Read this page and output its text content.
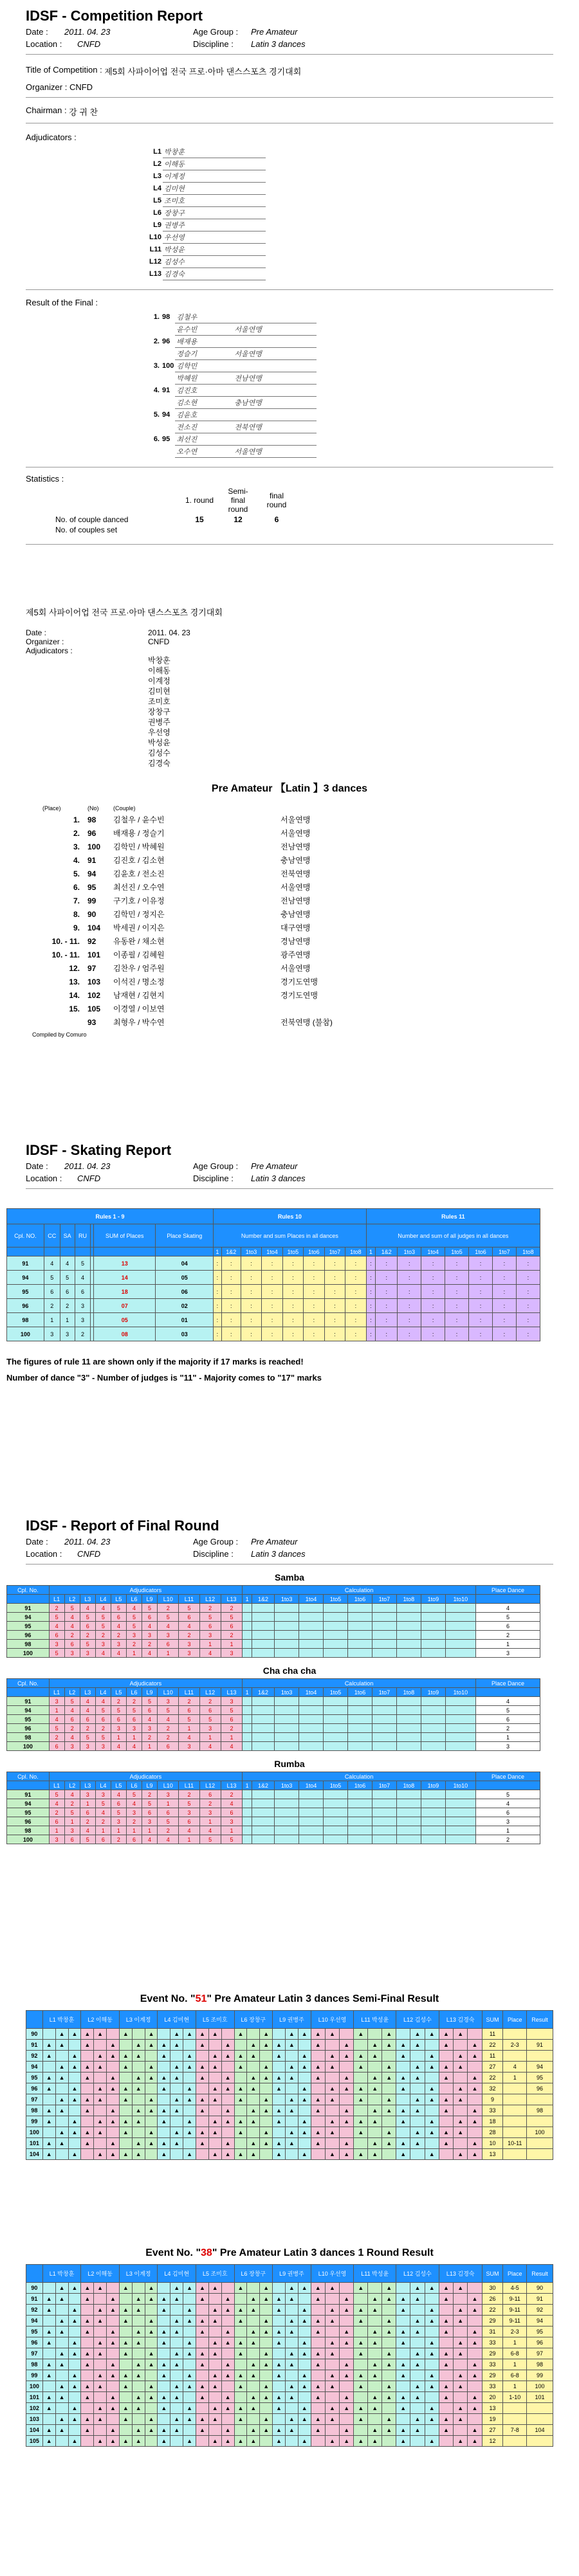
IDSF - Competition Report
Date :	2011. 04. 23	Age Group :	Pre Amateur
Location :	CNFD	Discipline :	Latin 3 dances
Title of Competition :
제5회 사파이어업 전국 프로·아마 댄스스포츠 경기대회
Organizer :
CNFD
Chairman :
강 귀 찬
Adjudicators :
L1	박창훈
L2	이해동
L3	이계정
L4	김미현
L5	조미호
L6	장창구
L9	권병주
L10	우선영
L11	박성윤
L12	김성수
L13	김경숙
Result of the Final :
1.	98	김철우	
		윤수빈	서울연맹
2.	96	배재용	
		정슬기	서울연맹
3.	100	김학민	
		박혜원	전남연맹
4.	91	김진호	
		김소현	충남연맹
5.	94	김윤호	
		전소진	전북연맹
6.	95	최선진	
		오수연	서울연맹
Statistics :
	1. round	Semi-final round	final round
No. of couple danced	15	12	6
No. of couples set			
제5회 사파이어업 전국 프로·아마 댄스스포츠 경기대회
Date :	2011. 04. 23
Organizer :	CNFD
Adjudicators :
박창훈
이해동
이계정
김미현
조미호
장창구
권병주
우선영
박성윤
김성수
김경숙
Pre Amateur 【Latin 】3 dances
(Place)	(No)	(Couple)	
1.	98	김철우 / 윤수빈	서울연맹
2.	96	배재용 / 정슬기	서울연맹
3.	100	김학민 / 박혜원	전남연맹
4.	91	김진호 / 김소현	충남연맹
5.	94	김윤호 / 전소진	전북연맹
6.	95	최선진 / 오수연	서울연맹
7.	99	구기호 / 이유정	전남연맹
8.	90	김학민 / 정지은	충남연맹
9.	104	박세권 / 이지은	대구연맹
10. - 11.	92	유동완 / 채소현	경남연맹
10. - 11.	101	이종필 / 김혜원	광주연맹
12.	97	김찬우 / 엄주원	서울연맹
13.	103	이석진 / 명소정	경기도연맹
14.	102	남재현 / 김현지	경기도연맹
15.	105	이경열 / 이보연	
	93	최형우 / 박수연	전북연맹 (불참)
Compiled by Comuro
IDSF - Skating Report
Date :	2011. 04. 23	Age Group :	Pre Amateur
Location :	CNFD	Discipline :	Latin 3 dances
Rules 1 - 9							Rules 10								Rules 11							
Cpl. NO.	CC	SA	RU		SUM of Places	Place Skating	Number and sum Places in all dances								Number and sum of all judges in all dances							
							1	1&2	1to3	1to4	1to5	1to6	1to7	1to8	1	1&2	1to3	1to4	1to5	1to6	1to7	1to8
91	4	4	5		13	04	:	:	:	:	:	:	:	:	:	:	:	:	:	:	:	:
94	5	5	4		14	05	:	:	:	:	:	:	:	:	:	:	:	:	:	:	:	:
95	6	6	6		18	06	:	:	:	:	:	:	:	:	:	:	:	:	:	:	:	:
96	2	2	3		07	02	:	:	:	:	:	:	:	:	:	:	:	:	:	:	:	:
98	1	1	3		05	01	:	:	:	:	:	:	:	:	:	:	:	:	:	:	:	:
100	3	3	2		08	03	:	:	:	:	:	:	:	:	:	:	:	:	:	:	:	:
The figures of rule 11 are shown only if the majority if 17 marks is reached!
Number of dance "3" - Number of judges is "11" - Majority comes to "17" marks
IDSF - Report of Final Round
Date :	2011. 04. 23	Age Group :	Pre Amateur
Location :	CNFD	Discipline :	Latin 3 dances
Samba
Cpl. No.	Adjudicators											Calculation										Place Dance
	L1	L2	L3	L4	L5	L6	L9	L10	L11	L12	L13	1	1&2	1to3	1to4	1to5	1to6	1to7	1to8	1to9	1to10	
91	2	5	4	4	5	4	5	2	5	2	2											4
94	5	4	5	5	6	5	6	5	6	5	5											5
95	4	4	6	5	4	5	4	4	4	6	6											6
96	6	2	2	2	2	3	3	3	2	3	2											2
98	3	6	5	3	3	2	2	6	3	1	1											1
100	5	3	3	4	4	1	4	1	3	4	3											3
Cha cha cha
Cpl. No.	Adjudicators											Calculation										Place Dance
	L1	L2	L3	L4	L5	L6	L9	L10	L11	L12	L13	1	1&2	1to3	1to4	1to5	1to6	1to7	1to8	1to9	1to10	
91	3	5	4	4	2	2	5	3	2	2	3											4
94	1	4	4	5	5	5	6	5	6	6	5											5
95	4	6	6	6	6	6	4	4	5	5	6											6
96	5	2	2	2	3	3	3	2	1	3	2											2
98	2	4	5	5	1	1	2	2	4	1	1											1
100	6	3	3	3	4	4	1	6	3	4	4											3
Rumba
Cpl. No.	Adjudicators											Calculation										Place Dance
	L1	L2	L3	L4	L5	L6	L9	L10	L11	L12	L13	1	1&2	1to3	1to4	1to5	1to6	1to7	1to8	1to9	1to10	
91	5	4	3	3	4	5	2	3	2	6	2											5
94	4	2	1	5	6	4	5	1	5	2	4											4
95	2	5	6	4	5	3	6	6	3	3	6											6
96	6	1	2	2	3	2	3	5	6	1	3											3
98	1	3	4	1	1	1	1	2	4	4	1											1
100	3	6	5	6	2	6	4	4	1	5	5											2
Event No. "51" Pre Amateur Latin 3 dances Semi-Final Result
	L1 박창훈			L2 이해동			L3 이계정			L4 김미현			L5 조미호			L6 장창구			L9 권병주			L10 우선영			L11 박성윤			L12 김성수			L13 김경숙			SUM	Place	Result
90		▲	▲	▲	▲		▲		▲		▲	▲	▲	▲		▲		▲		▲	▲	▲	▲		▲		▲		▲	▲	▲	▲		11		
91	▲	▲		▲		▲		▲	▲	▲	▲		▲		▲		▲	▲	▲	▲		▲		▲		▲	▲	▲	▲		▲		▲	22	2-3	91
92	▲		▲		▲	▲	▲	▲		▲		▲		▲	▲	▲	▲		▲		▲		▲	▲	▲	▲		▲		▲		▲	▲	11		
94		▲	▲	▲	▲		▲		▲		▲	▲	▲	▲		▲		▲		▲	▲	▲	▲		▲		▲		▲	▲	▲	▲		27	4	94
95	▲	▲		▲		▲		▲	▲	▲	▲		▲		▲		▲	▲	▲	▲		▲		▲		▲	▲	▲	▲		▲		▲	22	1	95
96	▲		▲		▲	▲	▲	▲		▲		▲		▲	▲	▲	▲		▲		▲		▲	▲	▲	▲		▲		▲		▲	▲	32		96
97		▲	▲	▲	▲		▲		▲		▲	▲	▲	▲		▲		▲		▲	▲	▲	▲		▲		▲		▲	▲	▲	▲		9		
98	▲	▲		▲		▲		▲	▲	▲	▲		▲		▲		▲	▲	▲	▲		▲		▲		▲	▲	▲	▲		▲		▲	33		98
99	▲		▲		▲	▲	▲	▲		▲		▲		▲	▲	▲	▲		▲		▲		▲	▲	▲	▲		▲		▲		▲	▲	18		
100		▲	▲	▲	▲		▲		▲		▲	▲	▲	▲		▲		▲		▲	▲	▲	▲		▲		▲		▲	▲	▲	▲		28		100
101	▲	▲		▲		▲		▲	▲	▲	▲		▲		▲		▲	▲	▲	▲		▲		▲		▲	▲	▲	▲		▲		▲	10	10-11	
104	▲		▲		▲	▲	▲	▲		▲		▲		▲	▲	▲	▲		▲		▲		▲	▲	▲	▲		▲		▲		▲	▲	13		
Event No. "38" Pre Amateur Latin 3 dances 1 Round Result
	L1 박창훈			L2 이해동			L3 이계정			L4 김미현			L5 조미호			L6 장창구			L9 권병주			L10 우선영			L11 박성윤			L12 김성수			L13 김경숙			SUM	Place	Result
90		▲	▲	▲	▲		▲		▲		▲	▲	▲	▲		▲		▲		▲	▲	▲	▲		▲		▲		▲	▲	▲	▲		30	4-5	90
91	▲	▲		▲		▲		▲	▲	▲	▲		▲		▲		▲	▲	▲	▲		▲		▲		▲	▲	▲	▲		▲		▲	26	9-11	91
92	▲		▲		▲	▲	▲	▲		▲		▲		▲	▲	▲	▲		▲		▲		▲	▲	▲	▲		▲		▲		▲	▲	22	9-11	92
94		▲	▲	▲	▲		▲		▲		▲	▲	▲	▲		▲		▲		▲	▲	▲	▲		▲		▲		▲	▲	▲	▲		29	9-11	94
95	▲	▲		▲		▲		▲	▲	▲	▲		▲		▲		▲	▲	▲	▲		▲		▲		▲	▲	▲	▲		▲		▲	31	2-3	95
96	▲		▲		▲	▲	▲	▲		▲		▲		▲	▲	▲	▲		▲		▲		▲	▲	▲	▲		▲		▲		▲	▲	33	1	96
97		▲	▲	▲	▲		▲		▲		▲	▲	▲	▲		▲		▲		▲	▲	▲	▲		▲		▲		▲	▲	▲	▲		29	6-8	97
98	▲	▲		▲		▲		▲	▲	▲	▲		▲		▲		▲	▲	▲	▲		▲		▲		▲	▲	▲	▲		▲		▲	33	1	98
99	▲		▲		▲	▲	▲	▲		▲		▲		▲	▲	▲	▲		▲		▲		▲	▲	▲	▲		▲		▲		▲	▲	29	6-8	99
100		▲	▲	▲	▲		▲		▲		▲	▲	▲	▲		▲		▲		▲	▲	▲	▲		▲		▲		▲	▲	▲	▲		33	1	100
101	▲	▲		▲		▲		▲	▲	▲	▲		▲		▲		▲	▲	▲	▲		▲		▲		▲	▲	▲	▲		▲		▲	20	1-10	101
102	▲		▲		▲	▲	▲	▲		▲		▲		▲	▲	▲	▲		▲		▲		▲	▲	▲	▲		▲		▲		▲	▲	13		
103		▲	▲	▲	▲		▲		▲		▲	▲	▲	▲		▲		▲		▲	▲	▲	▲		▲		▲		▲	▲	▲	▲		19		
104	▲	▲		▲		▲		▲	▲	▲	▲		▲		▲		▲	▲	▲	▲		▲		▲		▲	▲	▲	▲		▲		▲	27	7-8	104
105	▲		▲		▲	▲	▲	▲		▲		▲		▲	▲	▲	▲		▲		▲		▲	▲	▲	▲		▲		▲		▲	▲	12		
